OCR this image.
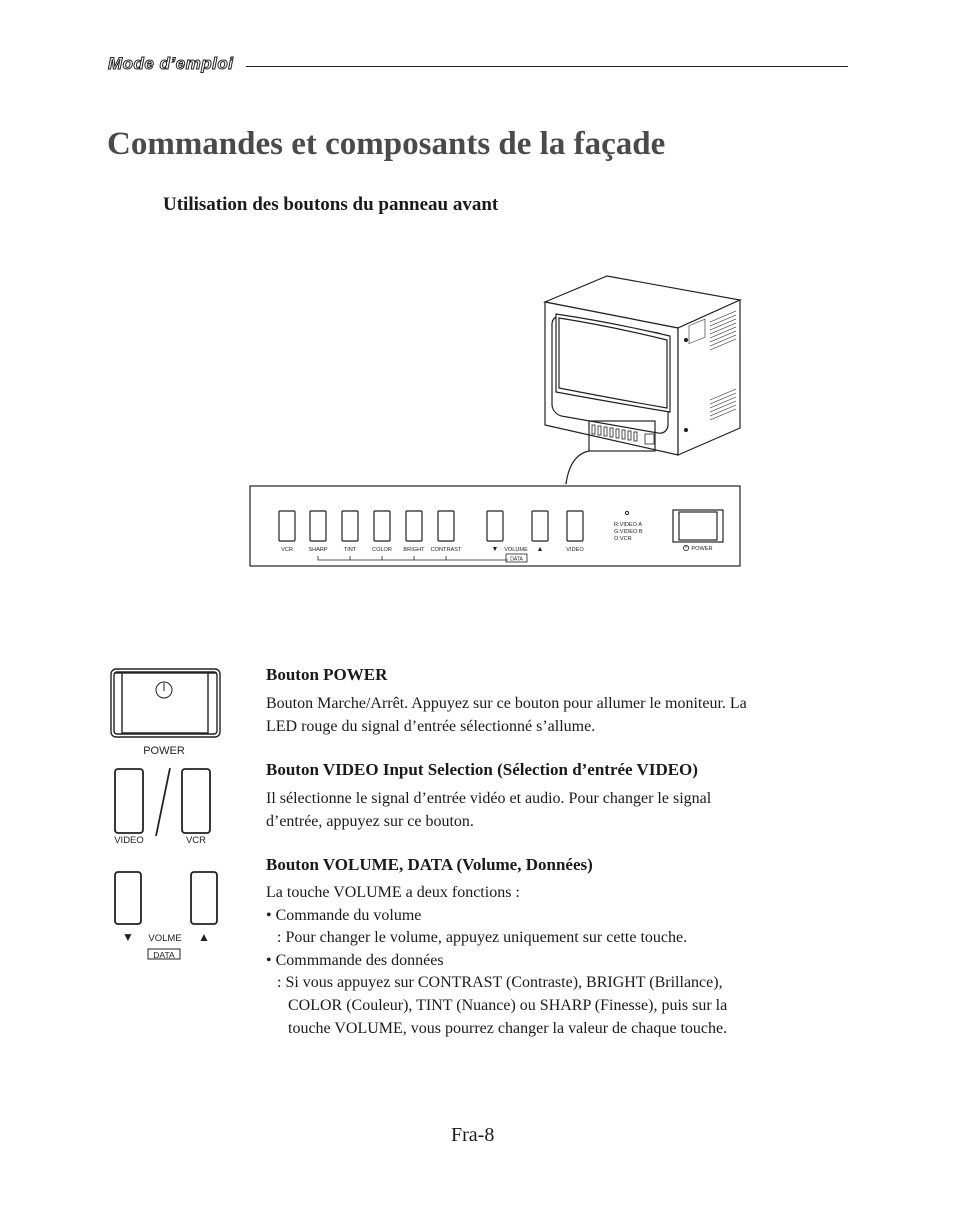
Mode d’emploi
Commandes et composants de la façade
Utilisation des boutons du panneau avant
VCR	SHARP	TINT	COLOR BRIGHT CONTRAST	▼ VOLUME ▲	VIDEO
DATA
R:VIDEO A
G:VIDEO B
O:VCR
POWER
POWER
VIDEO	VCR
▼ VOLME ▲
DATA
Bouton POWER

Bouton Marche/Arrêt. Appuyez sur ce bouton pour allumer le moniteur. La

LED rouge du signal d’entrée sélectionné s’allume.

Bouton VIDEO Input Selection (Sélection d’entrée VIDEO)

Il sélectionne le signal d’entrée vidéo et audio. Pour changer le signal

d’entrée, appuyez sur ce bouton.

Bouton VOLUME, DATA (Volume, Données)

La touche VOLUME a deux fonctions :

• Commande du volume

: Pour changer le volume, appuyez uniquement sur cette touche.

• Commmande des données

: Si vous appuyez sur CONTRAST (Contraste), BRIGHT (Brillance),

COLOR (Couleur), TINT (Nuance) ou SHARP (Finesse), puis sur la

touche VOLUME, vous pourrez changer la valeur de chaque touche.

Fra-8
